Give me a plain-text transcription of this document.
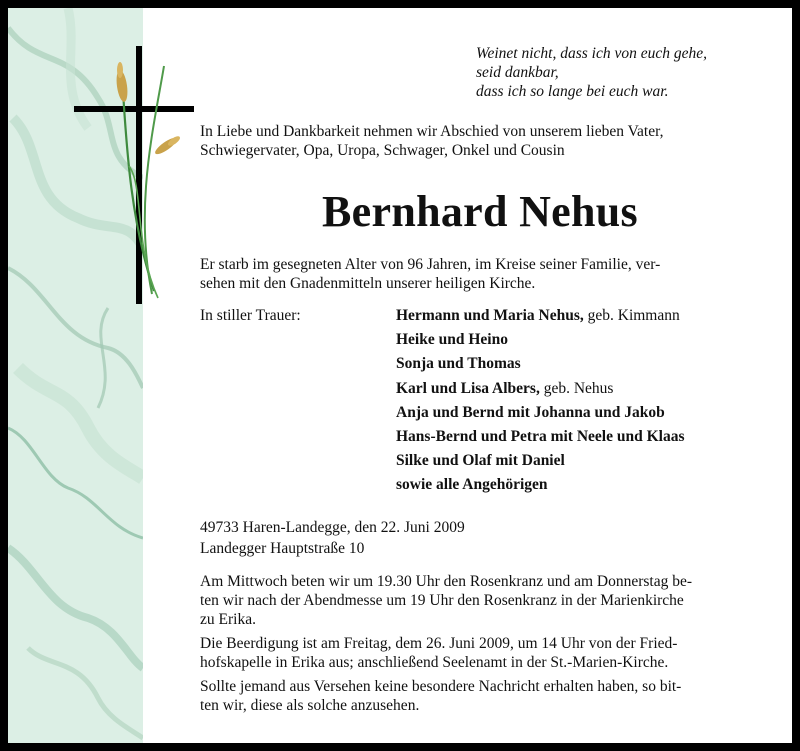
Weinet nicht, dass ich von euch gehe,
seid dankbar,
dass ich so lange bei euch war.
In Liebe und Dankbarkeit nehmen wir Abschied von unserem lieben Vater,
Schwiegervater, Opa, Uropa, Schwager, Onkel und Cousin
Bernhard Nehus
Er starb im gesegneten Alter von 96 Jahren, im Kreise seiner Familie, ver-
sehen mit den Gnadenmitteln unserer heiligen Kirche.
In stiller Trauer:	Hermann und Maria Nehus, geb. Kimmann
Heike und Heino
Sonja und Thomas
Karl und Lisa Albers, geb. Nehus
Anja und Bernd mit Johanna und Jakob
Hans-Bernd und Petra mit Neele und Klaas
Silke und Olaf mit Daniel
sowie alle Angehörigen
49733 Haren-Landegge, den 22. Juni 2009
Landegger Hauptstraße 10

Am Mittwoch beten wir um 19.30 Uhr den Rosenkranz und am Donnerstag be-
ten wir nach der Abendmesse um 19 Uhr den Rosenkranz in der Marienkirche
zu Erika.

Die Beerdigung ist am Freitag, dem 26. Juni 2009, um 14 Uhr von der Fried-
hofskapelle in Erika aus; anschließend Seelenamt in der St.-Marien-Kirche.

Sollte jemand aus Versehen keine besondere Nachricht erhalten haben, so bit-
ten wir, diese als solche anzusehen.
